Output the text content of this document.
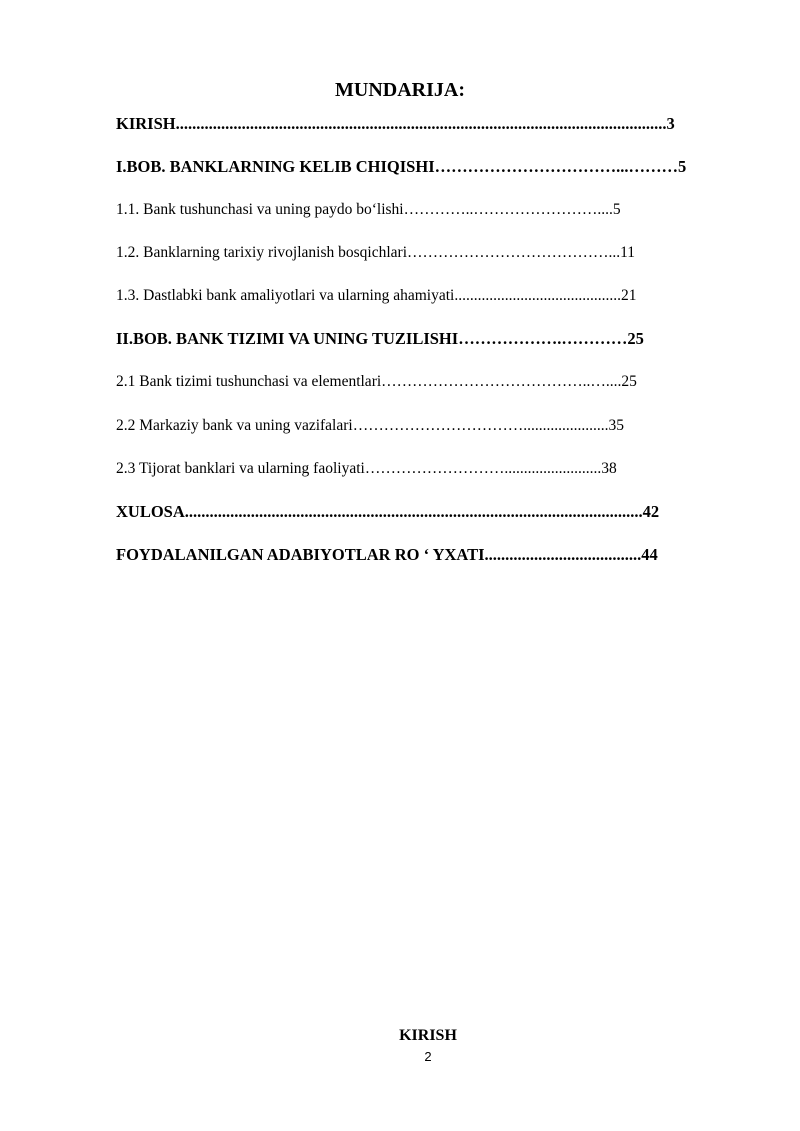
MUNDARIJA:
KIRISH.......................................................................................................................3
I.BOB. BANKLARNING KELIB CHIQISHI……………………………...………5
1.1. Bank tushunchasi va uning paydo bo‘lishi…………..……………………....5
1.2. Banklarning tarixiy rivojlanish bosqichlari…………………………………...11
1.3. Dastlabki bank amaliyotlari va ularning ahamiyati...........................................21
II.BOB. BANK TIZIMI VA UNING TUZILISHI……………….…………25
2.1 Bank tizimi tushunchasi va elementlari…………………………………..…....25
2.2 Markaziy bank va uning vazifalari……………………………......................35
2.3 Tijorat banklari va ularning faoliyati……………………….........................38
XULOSA...............................................................................................................42
FOYDALANILGAN ADABIYOTLAR RO ‘ YXATI......................................44
KIRISH
2
